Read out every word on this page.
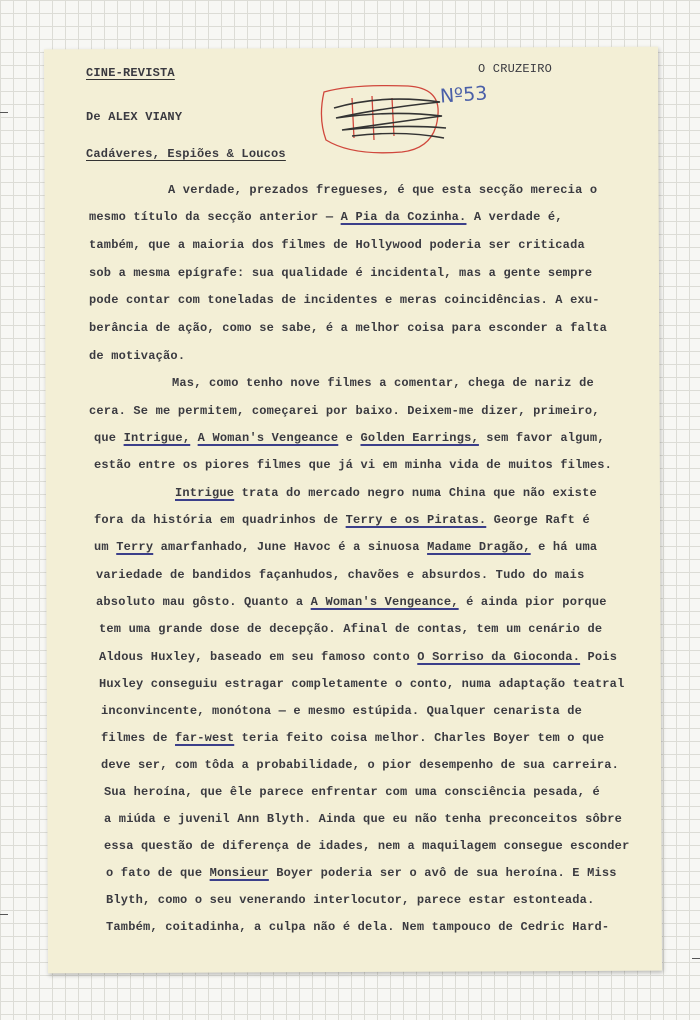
CINE-REVISTA	O CRUZEIRO
De ALEX VIANY
Nº53
Cadáveres, Espiões & Loucos
A verdade, prezados fregueses, é que esta secção merecia o
mesmo título da secção anterior — A Pia da Cozinha. A verdade é,
também, que a maioria dos filmes de Hollywood poderia ser criticada
sob a mesma epígrafe: sua qualidade é incidental, mas a gente sempre
pode contar com toneladas de incidentes e meras coincidências. A exu-
berância de ação, como se sabe, é a melhor coisa para esconder a falta
de motivação.
Mas, como tenho nove filmes a comentar, chega de nariz de
cera. Se me permitem, começarei por baixo. Deixem-me dizer, primeiro,
que Intrigue, A Woman's Vengeance e Golden Earrings, sem favor algum,
estão entre os piores filmes que já vi em minha vida de muitos filmes.
Intrigue trata do mercado negro numa China que não existe
fora da história em quadrinhos de Terry e os Piratas. George Raft é
um Terry amarfanhado, June Havoc é a sinuosa Madame Dragão, e há uma
variedade de bandidos façanhudos, chavões e absurdos. Tudo do mais
absoluto mau gôsto. Quanto a A Woman's Vengeance, é ainda pior porque
tem uma grande dose de decepção. Afinal de contas, tem um cenário de
Aldous Huxley, baseado em seu famoso conto O Sorriso da Gioconda. Pois
Huxley conseguiu estragar completamente o conto, numa adaptação teatral
inconvincente, monótona — e mesmo estúpida. Qualquer cenarista de
filmes de far-west teria feito coisa melhor. Charles Boyer tem o que
deve ser, com tôda a probabilidade, o pior desempenho de sua carreira.
Sua heroína, que êle parece enfrentar com uma consciência pesada, é
a miúda e juvenil Ann Blyth. Ainda que eu não tenha preconceitos sôbre
essa questão de diferença de idades, nem a maquilagem consegue esconder
o fato de que Monsieur Boyer poderia ser o avô de sua heroína. E Miss
Blyth, como o seu venerando interlocutor, parece estar estonteada.
Também, coitadinha, a culpa não é dela. Nem tampouco de Cedric Hard-
